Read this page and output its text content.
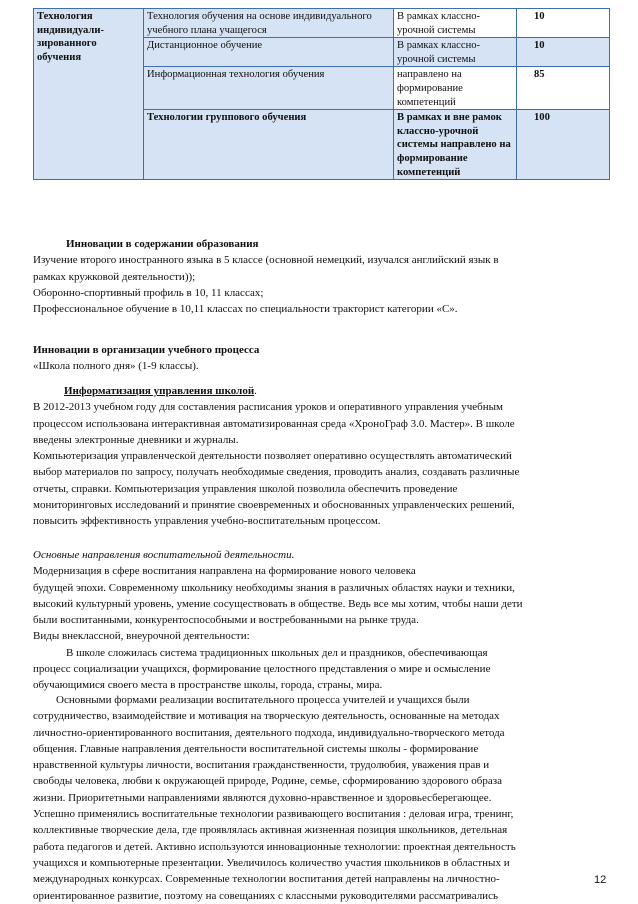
Технология индивидуали-зированного обучения	Технология обучения на основе индивидуального учебного плана учащегося	В рамках классно-урочной системы	10
	Дистанционное обучение	В рамках классно-урочной системы	10
	Информационная технология обучения	направлено на формирование компетенций	85
	Технологии группового обучения	В рамках и вне рамок классно-урочной системы направлено на формирование компетенций	100
Инновации в содержании образования
Изучение второго иностранного языка в 5 классе (основной немецкий, изучался английский язык в
рамках кружковой деятельности));
Оборонно-спортивный профиль в 10, 11 классах;
Профессиональное обучение в 10,11 классах по специальности тракторист категории «С».
Инновации в организации учебного процесса
«Школа полного дня» (1-9 классы).
Информатизация управления школой.
В 2012-2013 учебном году для составления расписания уроков и оперативного управления учебным
процессом использована интерактивная автоматизированная среда «ХроноГраф 3.0. Мастер». В школе
введены электронные дневники и журналы.
Компьютеризация управленческой деятельности позволяет оперативно осуществлять автоматический
выбор материалов по запросу, получать необходимые сведения, проводить анализ, создавать различные
отчеты, справки. Компьютеризация управления школой позволила обеспечить проведение
мониторинговых исследований и принятие своевременных и обоснованных управленческих решений,
повысить эффективность управления учебно-воспитательным процессом.
Основные направления воспитательной деятельности.
Модернизация в сфере воспитания направлена на формирование нового человека
будущей эпохи. Современному школьнику необходимы знания в различных областях науки и техники,
высокий культурный уровень, умение сосуществовать в обществе. Ведь все мы хотим, чтобы наши дети
были воспитанными, конкурентоспособными и востребованными на рынке труда.
Виды внеклассной, внеурочной деятельности:
В школе сложилась система традиционных школьных дел и праздников, обеспечивающая
процесс социализации учащихся, формирование целостного представления о мире и осмысление
обучающимися своего места в пространстве школы, города, страны, мира.
Основными формами реализации воспитательного процесса учителей и учащихся были
сотрудничество, взаимодействие и мотивация на творческую деятельность, основанные на методах
личностно-ориентированного воспитания, деятельного подхода, индивидуально-творческого метода
общения. Главные направления деятельности воспитательной системы школы - формирование
нравственной культуры личности, воспитания гражданственности, трудолюбия, уважения прав и
свободы человека, любви к окружающей природе, Родине, семье, сформированию здорового образа
жизни. Приоритетными направлениями являются духовно-нравственное и здоровьесберегающее.
Успешно применялись воспитательные технологии развивающего воспитания : деловая игра, тренинг,
коллективные творческие дела, где проявлялась активная жизненная позиция школьников, детельная
работа педагогов и детей. Активно используются инновационные технологии: проектная деятельность
учащихся и компьютерные презентации. Увеличилось количество участия школьников в областных и
международных конкурсах. Современные технологии воспитания детей направлены на личностно-
ориентированное развитие, поэтому на совещаниях с классными руководителями рассматривались
12
